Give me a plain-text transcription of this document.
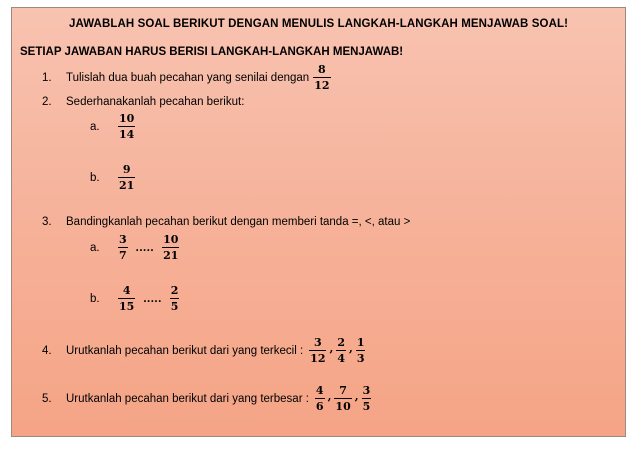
JAWABLAH SOAL BERIKUT DENGAN MENULIS LANGKAH-LANGKAH MENJAWAB SOAL!
SETIAP JAWABAN HARUS BERISI LANGKAH-LANGKAH MENJAWAB!
1.	Tulislah dua buah pecahan yang senilai dengan $\frac{8}{12}$
2.	Sederhanakanlah pecahan berikut:
a.	$\frac{10}{14}$
b.	$\frac{9}{21}$
3.	Bandingkanlah pecahan berikut dengan memberi tanda =, <, atau >
a.	$\frac{3}{7}$ ..... $\frac{10}{21}$
b.	$\frac{4}{15}$ ..... $\frac{2}{5}$
4.	Urutkanlah pecahan berikut dari yang terkecil : $\frac{3}{12}$ , $\frac{2}{4}$ , $\frac{1}{3}$
5.	Urutkanlah pecahan berikut dari yang terbesar : $\frac{4}{6}$ , $\frac{7}{10}$ , $\frac{3}{5}$
